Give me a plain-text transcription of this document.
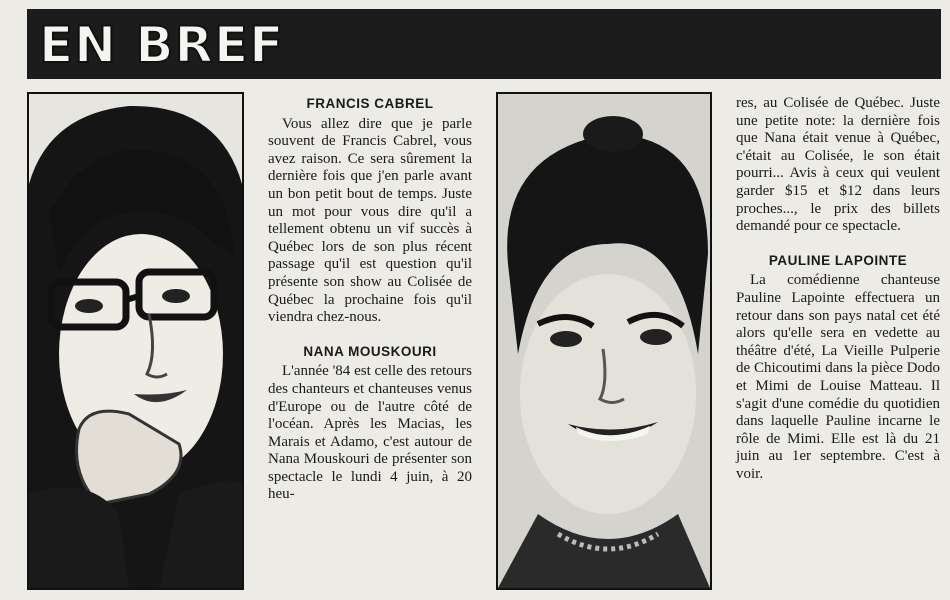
EN BREF
FRANCIS CABREL

Vous allez dire que je parle souvent de Francis Cabrel, vous avez raison. Ce sera sûrement la dernière fois que j'en parle avant un bon petit bout de temps. Juste un mot pour vous dire qu'il a tellement obtenu un vif succès à Québec lors de son plus récent passage qu'il est question qu'il présente son show au Colisée de Québec la prochaine fois qu'il viendra chez-nous.

NANA MOUSKOURI

L'année '84 est celle des retours des chanteurs et chanteuses venus d'Europe ou de l'autre côté de l'océan. Après les Macias, les Marais et Adamo, c'est autour de Nana Mouskouri de présenter son spectacle le lundi 4 juin, à 20 heu-

res, au Colisée de Québec. Juste une petite note: la dernière fois que Nana était venue à Québec, c'était au Colisée, le son était pourri... Avis à ceux qui veulent garder $15 et $12 dans leurs proches..., le prix des billets demandé pour ce spectacle.

PAULINE LAPOINTE

La comédienne chanteuse Pauline Lapointe effectuera un retour dans son pays natal cet été alors qu'elle sera en vedette au théâtre d'été, La Vieille Pulperie de Chicoutimi dans la pièce Dodo et Mimi de Louise Matteau. Il s'agit d'une comédie du quotidien dans laquelle Pauline incarne le rôle de Mimi. Elle est là du 21 juin au 1er septembre. C'est à voir.
